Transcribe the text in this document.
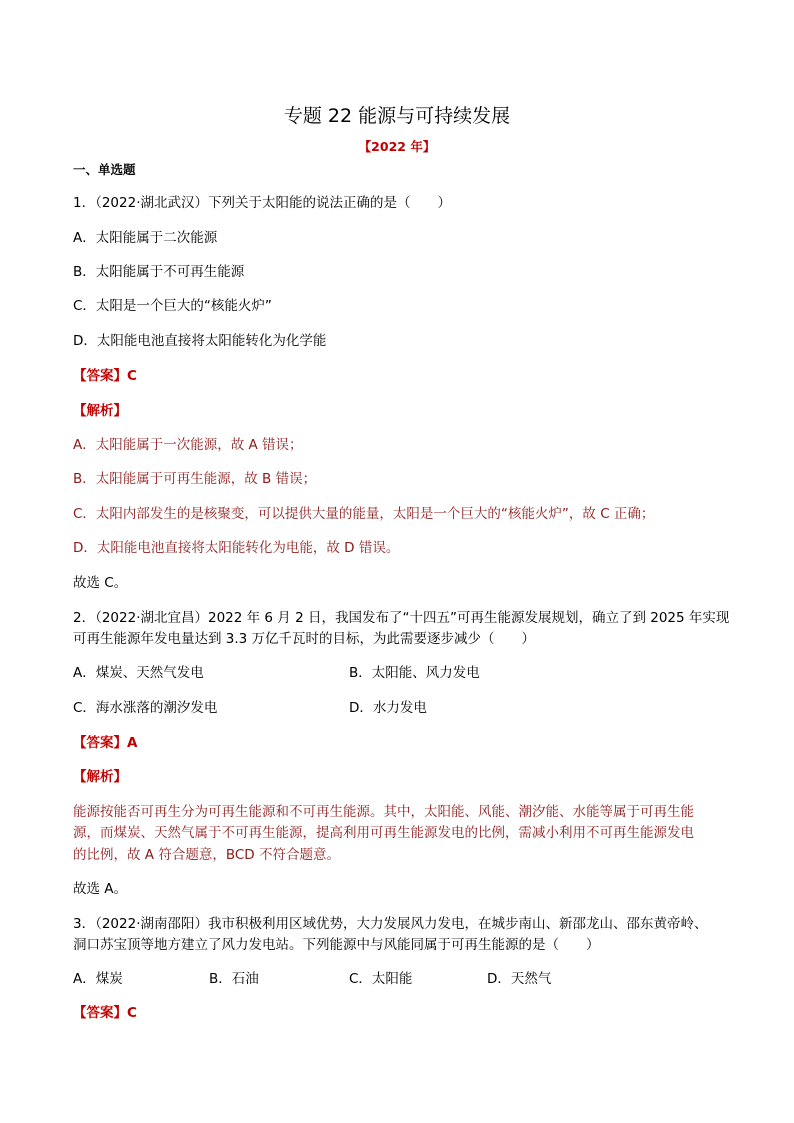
专题 22 能源与可持续发展
【2022 年】
一、单选题
1．（2022·湖北武汉）下列关于太阳能的说法正确的是（　　）
A．太阳能属于二次能源
B．太阳能属于不可再生能源
C．太阳是一个巨大的“核能火炉”
D．太阳能电池直接将太阳能转化为化学能
【答案】C
【解析】
A．太阳能属于一次能源，故 A 错误；
B．太阳能属于可再生能源，故 B 错误；
C．太阳内部发生的是核聚变，可以提供大量的能量，太阳是一个巨大的“核能火炉”，故 C 正确；
D．太阳能电池直接将太阳能转化为电能，故 D 错误。
故选 C。
2．（2022·湖北宜昌）2022 年 6 月 2 日，我国发布了“十四五”可再生能源发展规划，确立了到 2025 年实现
可再生能源年发电量达到 3.3 万亿千瓦时的目标，为此需要逐步减少（　　）
A．煤炭、天然气发电	B．太阳能、风力发电
C．海水涨落的潮汐发电	D．水力发电
【答案】A
【解析】
能源按能否可再生分为可再生能源和不可再生能源。其中，太阳能、风能、潮汐能、水能等属于可再生能
源，而煤炭、天然气属于不可再生能源，提高利用可再生能源发电的比例，需减小利用不可再生能源发电
的比例，故 A 符合题意，BCD 不符合题意。
故选 A。
3．（2022·湖南邵阳）我市积极利用区域优势，大力发展风力发电，在城步南山、新邵龙山、邵东黄帝岭、
洞口苏宝顶等地方建立了风力发电站。下列能源中与风能同属于可再生能源的是（　　）
A．煤炭	B．石油	C．太阳能	D．天然气
【答案】C
